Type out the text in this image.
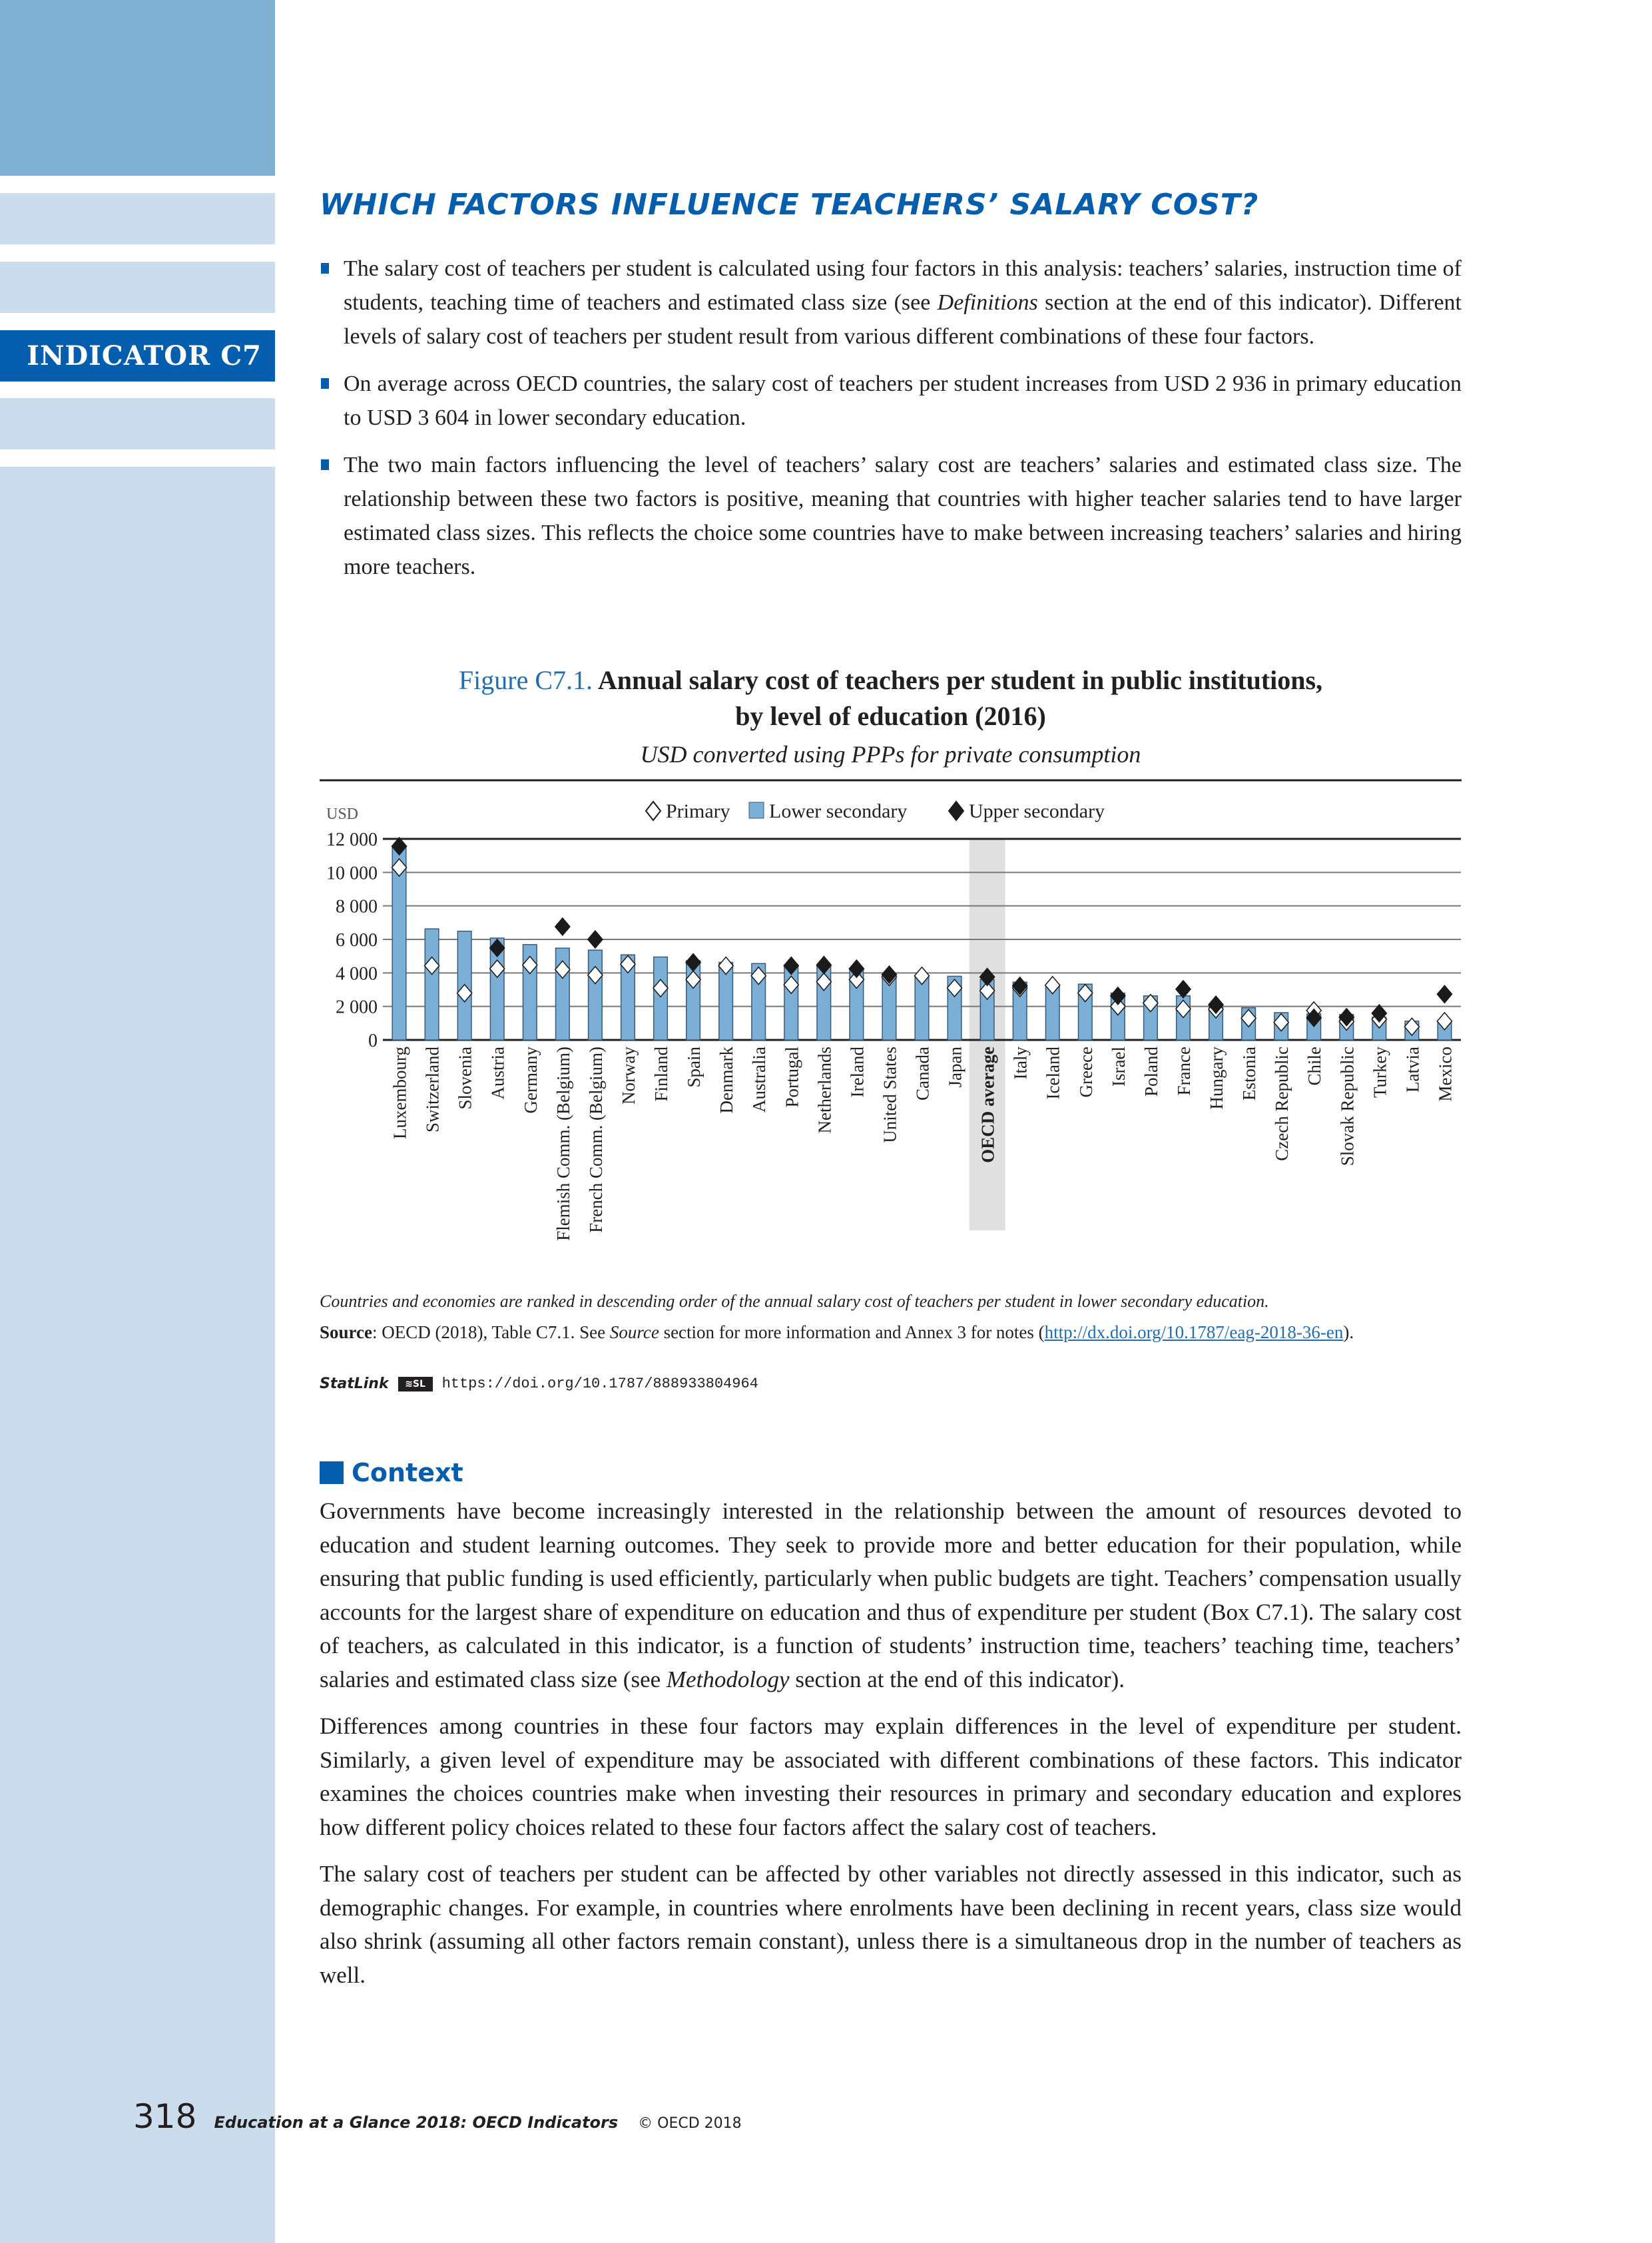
INDICATOR C7
WHICH FACTORS INFLUENCE TEACHERS’ SALARY COST?
The salary cost of teachers per student is calculated using four factors in this analysis: teachers’ salaries, instruction time of students, teaching time of teachers and estimated class size (see Definitions section at the end of this indicator). Different levels of salary cost of teachers per student result from various different combinations of these four factors.
On average across OECD countries, the salary cost of teachers per student increases from USD 2 936 in primary education to USD 3 604 in lower secondary education.
The two main factors influencing the level of teachers’ salary cost are teachers’ salaries and estimated class size. The relationship between these two factors is positive, meaning that countries with higher teacher salaries tend to have larger estimated class sizes. This reflects the choice some countries have to make between increasing teachers’ salaries and hiring more teachers.
Figure C7.1. Annual salary cost of teachers per student in public institutions,
by level of education (2016)
USD converted using PPPs for private consumption
Primary Lower secondary	Upper secondary
USD
0
2 000
4 000
6 000
8 000
10 000
12 000
Luxembourg Switzerland Slovenia Austria Germany Flemish Comm. (Belgium) French Comm. (Belgium) Norway Finland Spain Denmark Australia Portugal Netherlands Ireland United States Canada Japan OECD average Italy Iceland Greece Israel Poland France Hungary Estonia Czech Republic Chile Slovak Republic Turkey Latvia Mexico
Countries and economies are ranked in descending order of the annual salary cost of teachers per student in lower secondary education.
Source: OECD (2018), Table C7.1. See Source section for more information and Annex 3 for notes (http://dx.doi.org/10.1787/eag-2018-36-en).
StatLink	≋SL	https://doi.org/10.1787/888933804964
Context

Governments have become increasingly interested in the relationship between the amount of resources devoted to education and student learning outcomes. They seek to provide more and better education for their population, while ensuring that public funding is used efficiently, particularly when public budgets are tight. Teachers’ compensation usually accounts for the largest share of expenditure on education and thus of expenditure per student (Box C7.1). The salary cost of teachers, as calculated in this indicator, is a function of students’ instruction time, teachers’ teaching time, teachers’ salaries and estimated class size (see Methodology section at the end of this indicator).

Differences among countries in these four factors may explain differences in the level of expenditure per student. Similarly, a given level of expenditure may be associated with different combinations of these factors. This indicator examines the choices countries make when investing their resources in primary and secondary education and explores how different policy choices related to these four factors affect the salary cost of teachers.

The salary cost of teachers per student can be affected by other variables not directly assessed in this indicator, such as demographic changes. For example, in countries where enrolments have been declining in recent years, class size would also shrink (assuming all other factors remain constant), unless there is a simultaneous drop in the number of teachers as well.

318 Education at a Glance 2018: OECD Indicators © OECD 2018
